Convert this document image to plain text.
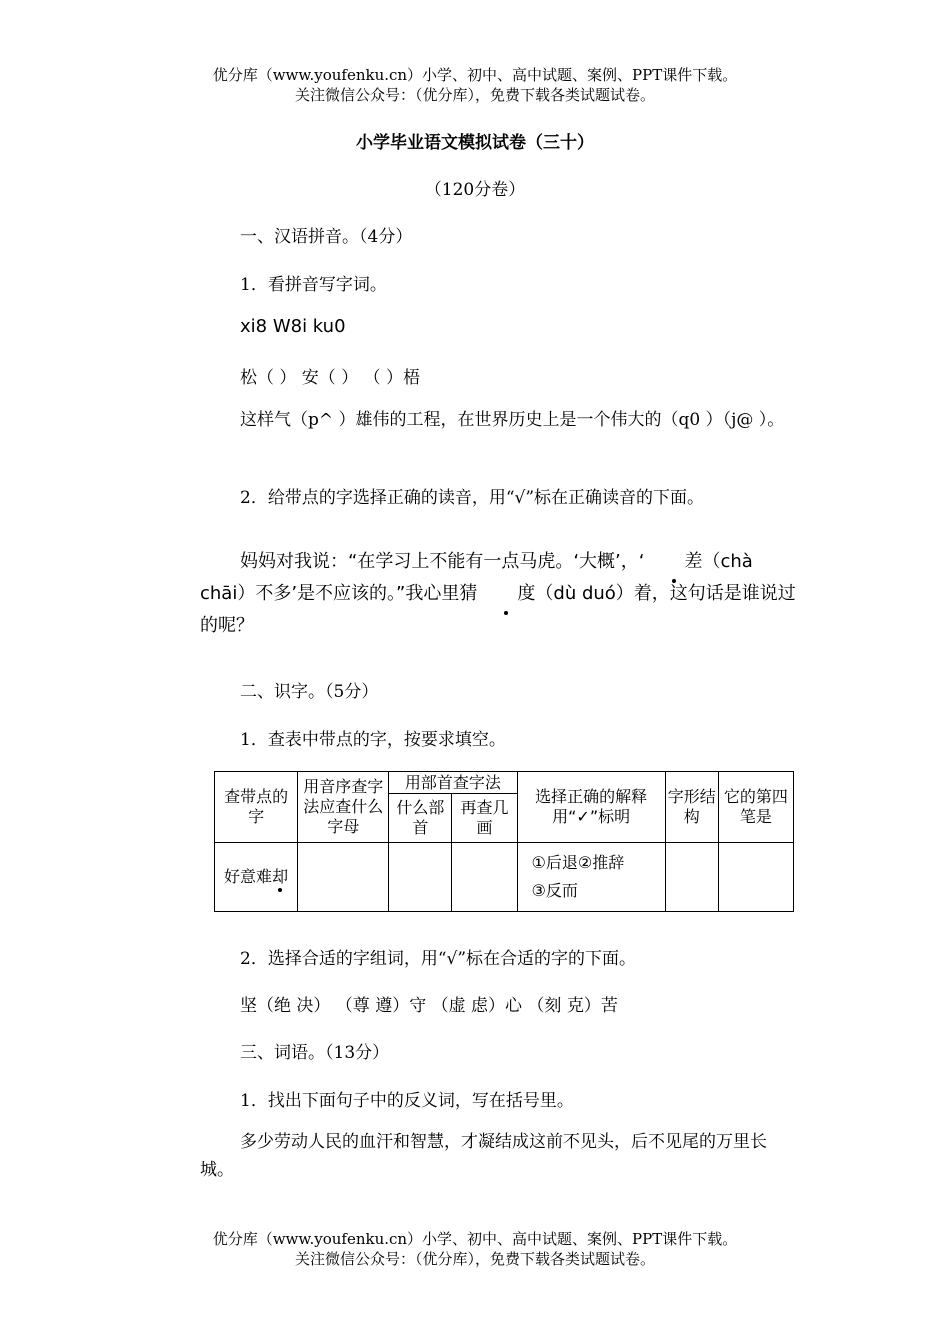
优分库（www.youfenku.cn）小学、初中、高中试题、案例、PPT课件下载。
关注微信公众号：（优分库），免费下载各类试题试卷。
小学毕业语文模拟试卷（三十）
（120分卷）
一、汉语拼音。（4分）
1．看拼音写字词。
xi8 W8i ku0
松（ ） 安（ ） （ ）梧
这样气（p^ ）雄伟的工程，在世界历史上是一个伟大的（q0 ）（j@ ）。
2．给带点的字选择正确的读音，用“√”标在正确读音的下面。
妈妈对我说：“在学习上不能有一点马虎。‘大概’，‘ 差（chà chāi）不多’是不应该的。”我心里猜 度（dù duó）着，这句话是谁说过的呢？
二、识字。（5分）
1．查表中带点的字，按要求填空。
查带点的字	用音序查字法应查什么字母	用部首查字法		选择正确的解释用“✓”标明	字形结构	它的第四笔是
		什么部首	再查几画			
好意难却				①后退②推辞
③反而		

2．选择合适的字组词，用“√”标在合适的字的下面。
坚（绝 决） （尊 遵）守 （虚 虑）心 （刻 克）苦
三、词语。（13分）
1．找出下面句子中的反义词，写在括号里。
多少劳动人民的血汗和智慧，才凝结成这前不见头，后不见尾的万里长城。
优分库（www.youfenku.cn）小学、初中、高中试题、案例、PPT课件下载。
关注微信公众号：（优分库），免费下载各类试题试卷。
